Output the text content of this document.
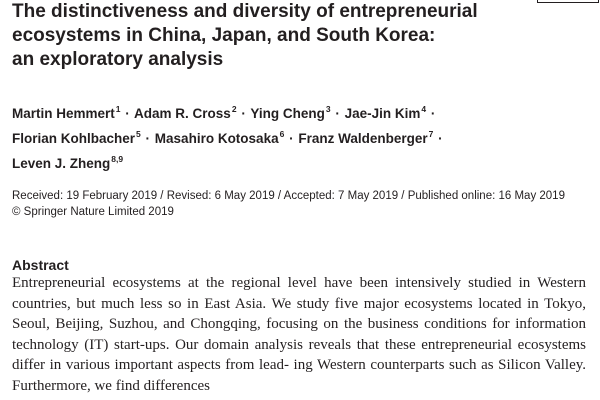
The distinctiveness and diversity of entrepreneurial
ecosystems in China, Japan, and South Korea:
an exploratory analysis
Martin Hemmert$^1$ · Adam R. Cross$^2$ · Ying Cheng$^3$ · Jae-Jin Kim$^4$ ·
Florian Kohlbacher$^5$ · Masahiro Kotosaka$^6$ · Franz Waldenberger$^7$ ·
Leven J. Zheng$^{8,9}$
Received: 19 February 2019 / Revised: 6 May 2019 / Accepted: 7 May 2019 / Published online: 16 May 2019
© Springer Nature Limited 2019
Abstract

Entrepreneurial ecosystems at the regional level have been intensively studied in Western countries, but much less so in East Asia. We study five major ecosystems located in Tokyo, Seoul, Beijing, Suzhou, and Chongqing, focusing on the business conditions for information technology (IT) start-ups. Our domain analysis reveals that these entrepreneurial ecosystems differ in various important aspects from lead- ing Western counterparts such as Silicon Valley. Furthermore, we find differences
